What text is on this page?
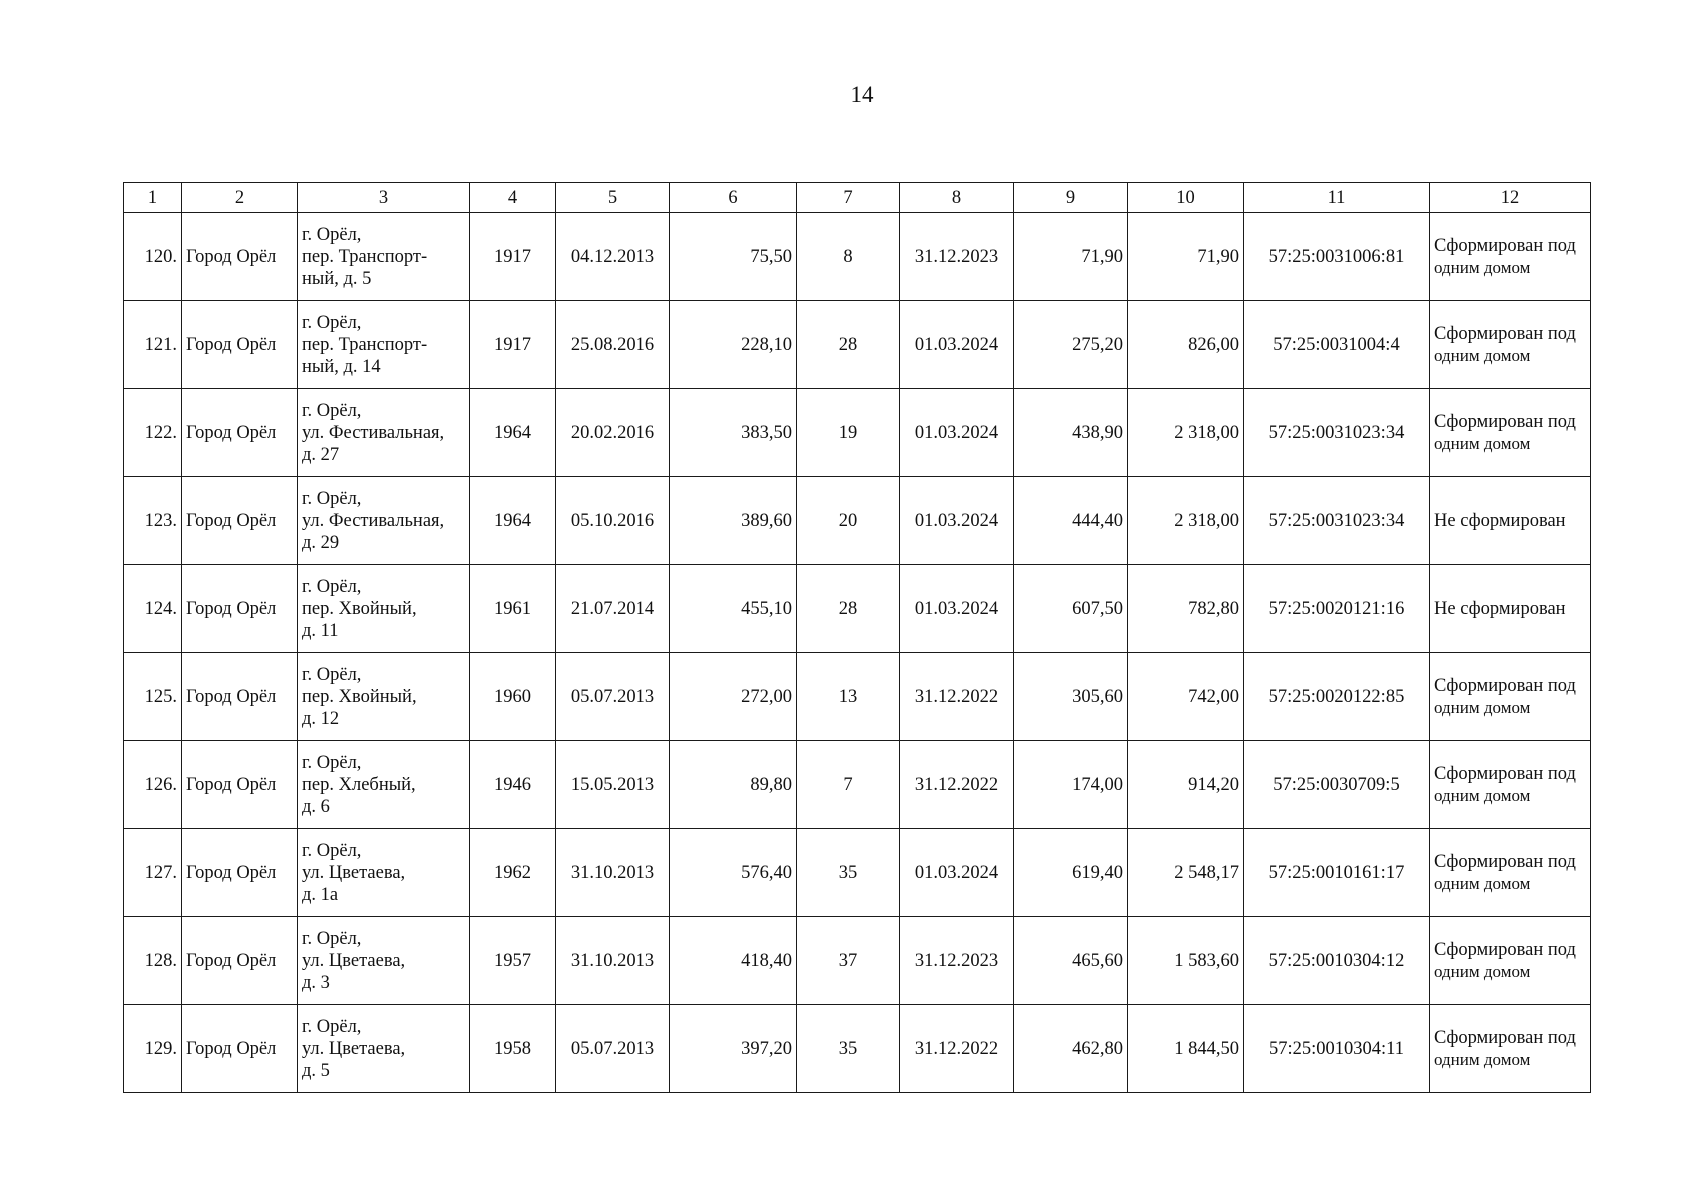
14
1	2	3	4	5	6	7	8	9	10	11	12
120.	Город Орёл	г. Орёл,
пер. Транспорт-
ный, д. 5	1917	04.12.2013	75,50	8	31.12.2023	71,90	71,90	57:25:0031006:81	Сформирован под
одним домом

121.	Город Орёл	г. Орёл,
пер. Транспорт-
ный, д. 14	1917	25.08.2016	228,10	28	01.03.2024	275,20	826,00	57:25:0031004:4	Сформирован под
одним домом

122.	Город Орёл	г. Орёл,
ул. Фестивальная,
д. 27	1964	20.02.2016	383,50	19	01.03.2024	438,90	2 318,00	57:25:0031023:34	Сформирован под
одним домом

123.	Город Орёл	г. Орёл,
ул. Фестивальная,
д. 29	1964	05.10.2016	389,60	20	01.03.2024	444,40	2 318,00	57:25:0031023:34	Не сформирован

124.	Город Орёл	г. Орёл,
пер. Хвойный,
д. 11	1961	21.07.2014	455,10	28	01.03.2024	607,50	782,80	57:25:0020121:16	Не сформирован

125.	Город Орёл	г. Орёл,
пер. Хвойный,
д. 12	1960	05.07.2013	272,00	13	31.12.2022	305,60	742,00	57:25:0020122:85	Сформирован под
одним домом

126.	Город Орёл	г. Орёл,
пер. Хлебный,
д. 6	1946	15.05.2013	89,80	7	31.12.2022	174,00	914,20	57:25:0030709:5	Сформирован под
одним домом

127.	Город Орёл	г. Орёл,
ул. Цветаева,
д. 1а	1962	31.10.2013	576,40	35	01.03.2024	619,40	2 548,17	57:25:0010161:17	Сформирован под
одним домом

128.	Город Орёл	г. Орёл,
ул. Цветаева,
д. 3	1957	31.10.2013	418,40	37	31.12.2023	465,60	1 583,60	57:25:0010304:12	Сформирован под
одним домом

129.	Город Орёл	г. Орёл,
ул. Цветаева,
д. 5	1958	05.07.2013	397,20	35	31.12.2022	462,80	1 844,50	57:25:0010304:11	Сформирован под
одним домом
